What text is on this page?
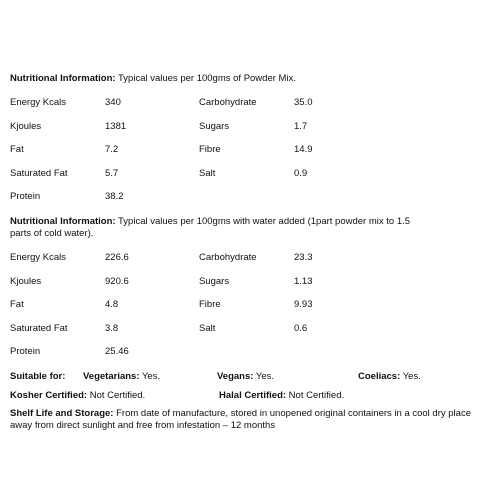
Nutritional Information: Typical values per 100gms of Powder Mix.
Energy Kcals	340	Carbohydrate	35.0
Kjoules	1381	Sugars	1.7
Fat	7.2	Fibre	14.9
Saturated Fat	5.7	Salt	0.9
Protein	38.2
Nutritional Information: Typical values per 100gms with water added (1part powder mix to 1.5 parts of cold water).
Energy Kcals	226.6	Carbohydrate	23.3
Kjoules	920.6	Sugars	1.13
Fat	4.8	Fibre	9.93
Saturated Fat	3.8	Salt	0.6
Protein	25.46
Suitable for: Vegetarians: Yes.	Vegans: Yes.	Coeliacs: Yes.
Kosher Certified: Not Certified.	Halal Certified: Not Certified.
Shelf Life and Storage: From date of manufacture, stored in unopened original containers in a cool dry place away from direct sunlight and free from infestation – 12 months
